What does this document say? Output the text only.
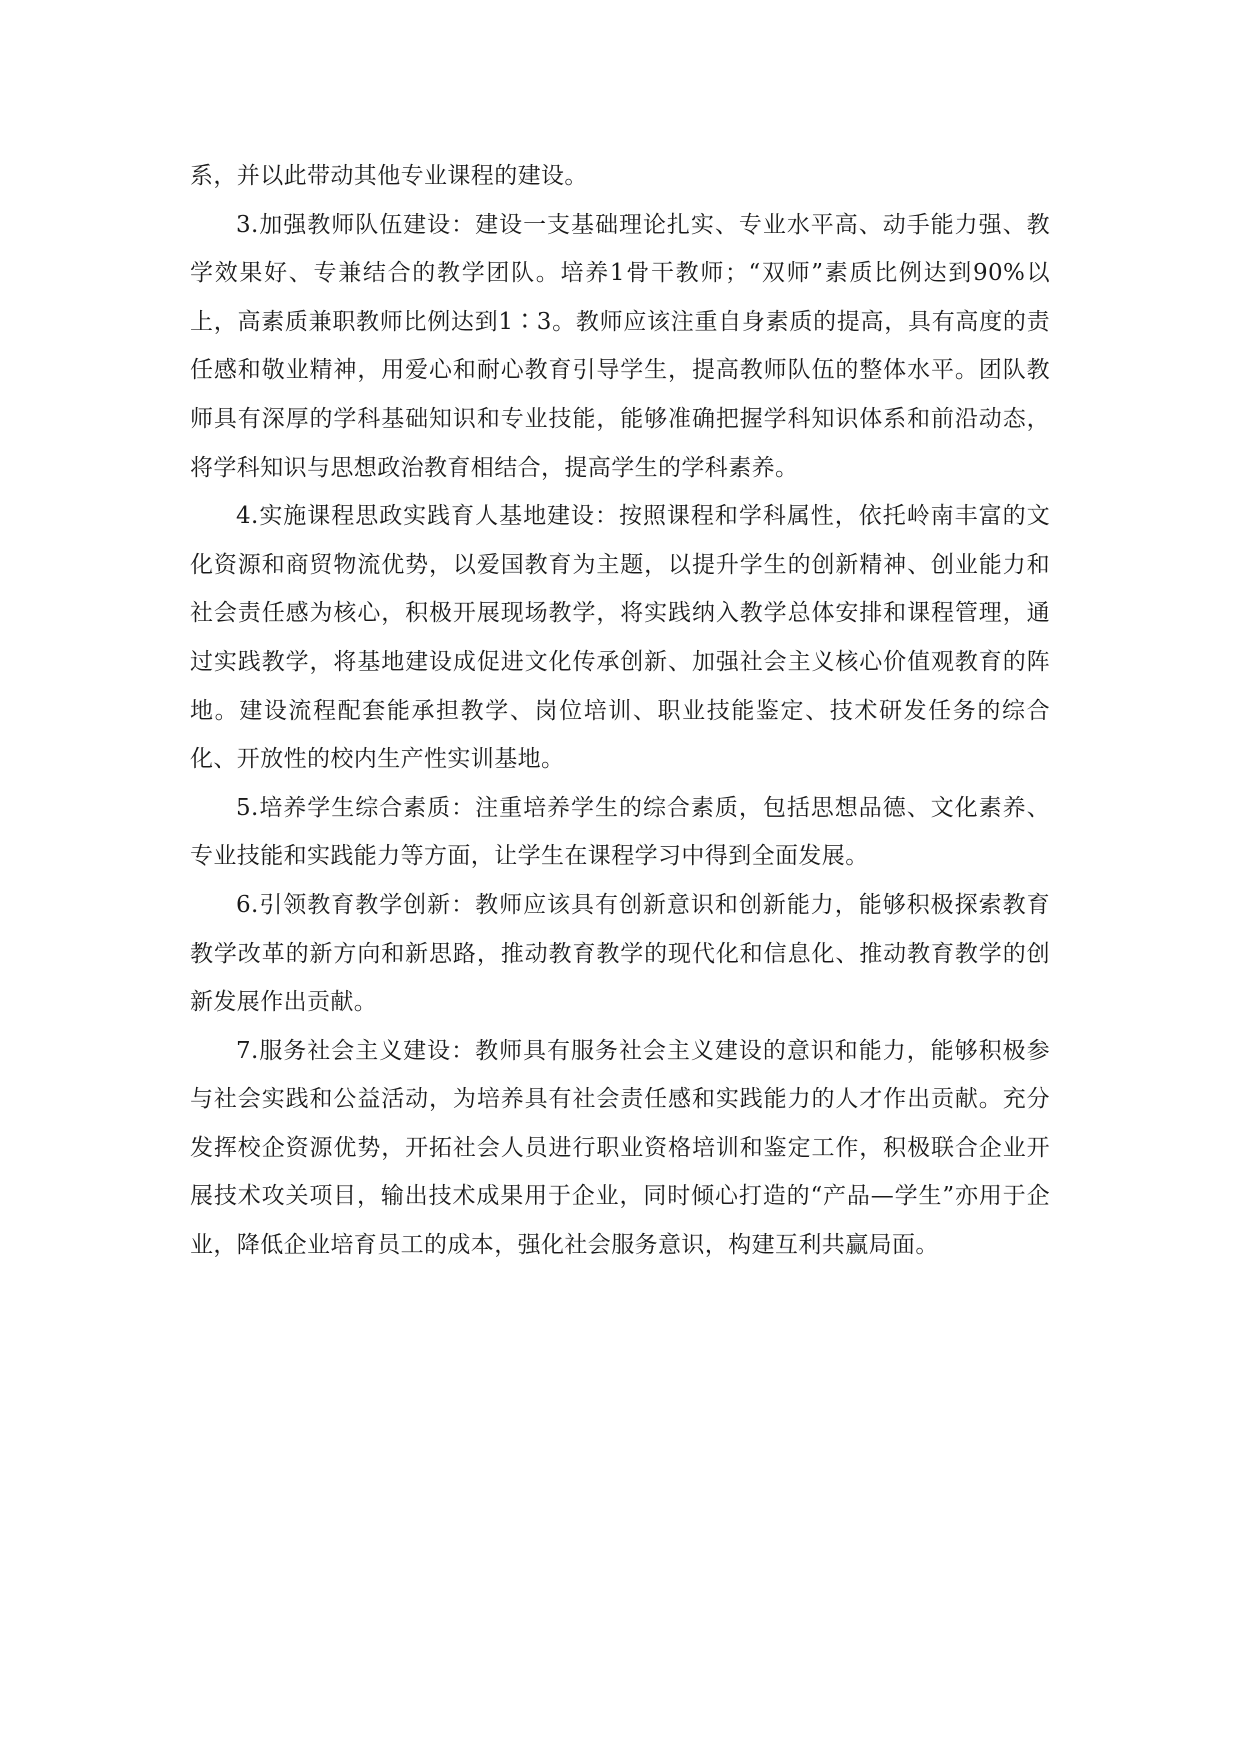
系，并以此带动其他专业课程的建设。

3.加强教师队伍建设：建设一支基础理论扎实、专业水平高、动手能力强、教学效果好、专兼结合的教学团队。培养1骨干教师；“双师”素质比例达到90%以上，高素质兼职教师比例达到1∶3。教师应该注重自身素质的提高，具有高度的责任感和敬业精神，用爱心和耐心教育引导学生，提高教师队伍的整体水平。团队教师具有深厚的学科基础知识和专业技能，能够准确把握学科知识体系和前沿动态，将学科知识与思想政治教育相结合，提高学生的学科素养。

4.实施课程思政实践育人基地建设：按照课程和学科属性，依托岭南丰富的文化资源和商贸物流优势，以爱国教育为主题，以提升学生的创新精神、创业能力和社会责任感为核心，积极开展现场教学，将实践纳入教学总体安排和课程管理，通过实践教学，将基地建设成促进文化传承创新、加强社会主义核心价值观教育的阵地。建设流程配套能承担教学、岗位培训、职业技能鉴定、技术研发任务的综合化、开放性的校内生产性实训基地。

5.培养学生综合素质：注重培养学生的综合素质，包括思想品德、文化素养、专业技能和实践能力等方面，让学生在课程学习中得到全面发展。

6.引领教育教学创新：教师应该具有创新意识和创新能力，能够积极探索教育教学改革的新方向和新思路，推动教育教学的现代化和信息化、推动教育教学的创新发展作出贡献。

7.服务社会主义建设：教师具有服务社会主义建设的意识和能力，能够积极参与社会实践和公益活动，为培养具有社会责任感和实践能力的人才作出贡献。充分发挥校企资源优势，开拓社会人员进行职业资格培训和鉴定工作，积极联合企业开展技术攻关项目，输出技术成果用于企业，同时倾心打造的“产品—学生”亦用于企业，降低企业培育员工的成本，强化社会服务意识，构建互利共赢局面。
